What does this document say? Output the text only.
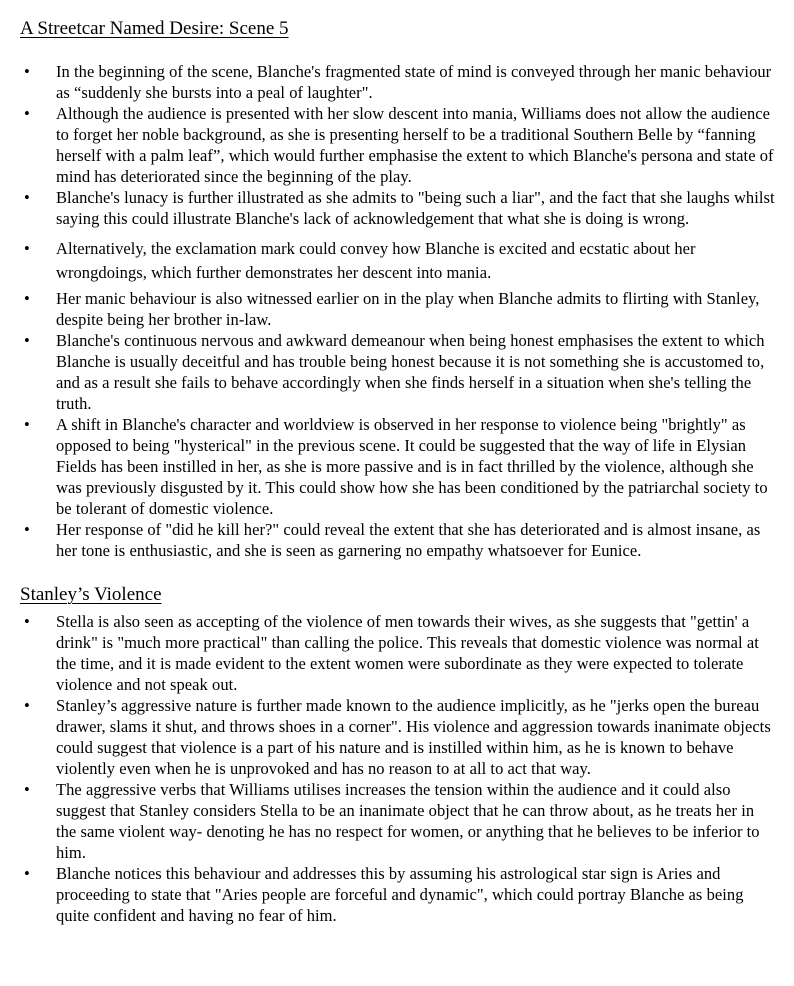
A Streetcar Named Desire: Scene 5
•	In the beginning of the scene, Blanche's fragmented state of mind is conveyed through her manic behaviour as “suddenly she bursts into a peal of laughter".
•	Although the audience is presented with her slow descent into mania, Williams does not allow the audience to forget her noble background, as she is presenting herself to be a traditional Southern Belle by “fanning herself with a palm leaf”, which would further emphasise the extent to which Blanche's persona and state of mind has deteriorated since the beginning of the play.
•	Blanche's lunacy is further illustrated as she admits to "being such a liar", and the fact that she laughs whilst saying this could illustrate Blanche's lack of acknowledgement that what she is doing is wrong.
•	Alternatively, the exclamation mark could convey how Blanche is excited and ecstatic about her wrongdoings, which further demonstrates her descent into mania.
•	Her manic behaviour is also witnessed earlier on in the play when Blanche admits to flirting with Stanley, despite being her brother in-law.
•	Blanche's continuous nervous and awkward demeanour when being honest emphasises the extent to which Blanche is usually deceitful and has trouble being honest because it is not something she is accustomed to, and as a result she fails to behave accordingly when she finds herself in a situation when she's telling the truth.
•	A shift in Blanche's character and worldview is observed in her response to violence being "brightly" as opposed to being "hysterical" in the previous scene. It could be suggested that the way of life in Elysian Fields has been instilled in her, as she is more passive and is in fact thrilled by the violence, although she was previously disgusted by it. This could show how she has been conditioned by the patriarchal society to be tolerant of domestic violence.
•	Her response of "did he kill her?" could reveal the extent that she has deteriorated and is almost insane, as her tone is enthusiastic, and she is seen as garnering no empathy whatsoever for Eunice.
Stanley’s Violence
•	Stella is also seen as accepting of the violence of men towards their wives, as she suggests that "gettin' a drink" is "much more practical" than calling the police. This reveals that domestic violence was normal at the time, and it is made evident to the extent women were subordinate as they were expected to tolerate violence and not speak out.
•	Stanley’s aggressive nature is further made known to the audience implicitly, as he "jerks open the bureau drawer, slams it shut, and throws shoes in a corner". His violence and aggression towards inanimate objects could suggest that violence is a part of his nature and is instilled within him, as he is known to behave violently even when he is unprovoked and has no reason to at all to act that way.
•	The aggressive verbs that Williams utilises increases the tension within the audience and it could also suggest that Stanley considers Stella to be an inanimate object that he can throw about, as he treats her in the same violent way- denoting he has no respect for women, or anything that he believes to be inferior to him.
•	Blanche notices this behaviour and addresses this by assuming his astrological star sign is Aries and proceeding to state that "Aries people are forceful and dynamic", which could portray Blanche as being quite confident and having no fear of him.
